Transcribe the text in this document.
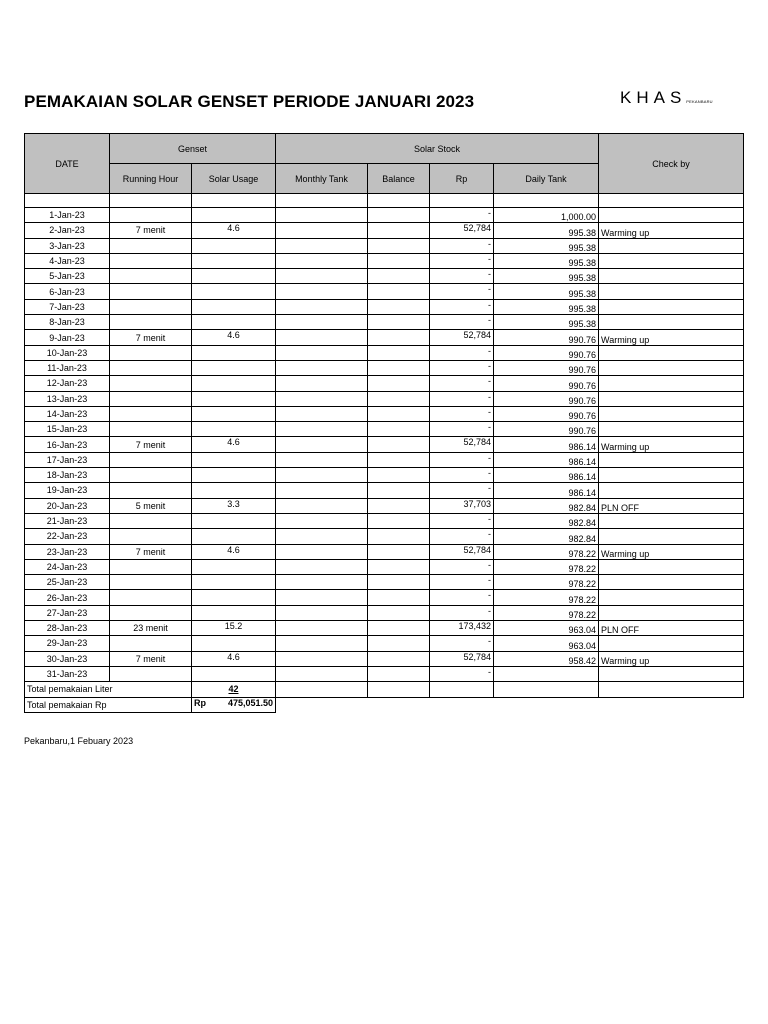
PEMAKAIAN SOLAR GENSET PERIODE JANUARI 2023	KHAS PEKANBARU
DATE	Genset		Solar Stock				Check by
	Running Hour	Solar Usage	Monthly Tank	Balance	Rp	Daily Tank	

1-Jan-23					-	1,000.00	
2-Jan-23	7 menit	4.6			52,784	995.38	Warming up
3-Jan-23					-	995.38	
4-Jan-23					-	995.38	
5-Jan-23					-	995.38	
6-Jan-23					-	995.38	
7-Jan-23					-	995.38	
8-Jan-23					-	995.38	
9-Jan-23	7 menit	4.6			52,784	990.76	Warming up
10-Jan-23					-	990.76	
11-Jan-23					-	990.76	
12-Jan-23					-	990.76	
13-Jan-23					-	990.76	
14-Jan-23					-	990.76	
15-Jan-23					-	990.76	
16-Jan-23	7 menit	4.6			52,784	986.14	Warming up
17-Jan-23					-	986.14	
18-Jan-23					-	986.14	
19-Jan-23					-	986.14	
20-Jan-23	5 menit	3.3			37,703	982.84	PLN OFF
21-Jan-23					-	982.84	
22-Jan-23					-	982.84	
23-Jan-23	7 menit	4.6			52,784	978.22	Warming up
24-Jan-23					-	978.22	
25-Jan-23					-	978.22	
26-Jan-23					-	978.22	
27-Jan-23					-	978.22	
28-Jan-23	23 menit	15.2			173,432	963.04	PLN OFF
29-Jan-23					-	963.04	
30-Jan-23	7 menit	4.6			52,784	958.42	Warming up
31-Jan-23					-		
Total pemakaian Liter		42					
Total pemakaian Rp		Rp 475,051.50					

Pekanbaru,1 Febuary 2023
